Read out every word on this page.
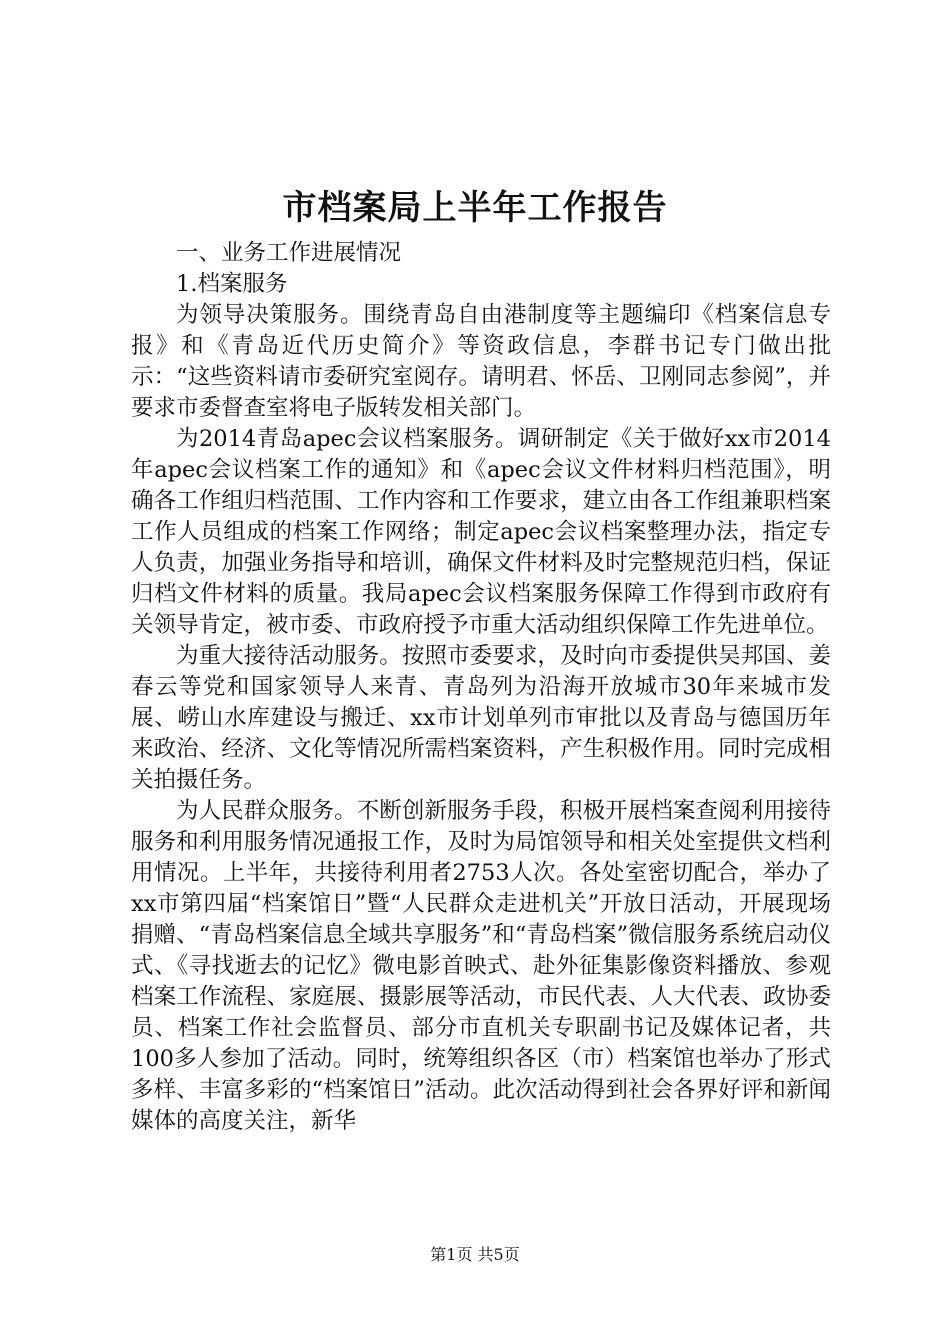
市档案局上半年工作报告

一、业务工作进展情况

1.档案服务

为领导决策服务。围绕青岛自由港制度等主题编印《档案信息专报》和《青岛近代历史简介》等资政信息，李群书记专门做出批示：“这些资料请市委研究室阅存。请明君、怀岳、卫刚同志参阅”，并要求市委督查室将电子版转发相关部门。

为2014青岛apec会议档案服务。调研制定《关于做好xx市2014年apec会议档案工作的通知》和《apec会议文件材料归档范围》，明确各工作组归档范围、工作内容和工作要求，建立由各工作组兼职档案工作人员组成的档案工作网络；制定apec会议档案整理办法，指定专人负责，加强业务指导和培训，确保文件材料及时完整规范归档，保证归档文件材料的质量。我局apec会议档案服务保障工作得到市政府有关领导肯定，被市委、市政府授予市重大活动组织保障工作先进单位。

为重大接待活动服务。按照市委要求，及时向市委提供吴邦国、姜春云等党和国家领导人来青、青岛列为沿海开放城市30年来城市发展、崂山水库建设与搬迁、xx市计划单列市审批以及青岛与德国历年来政治、经济、文化等情况所需档案资料，产生积极作用。同时完成相关拍摄任务。

为人民群众服务。不断创新服务手段，积极开展档案查阅利用接待服务和利用服务情况通报工作，及时为局馆领导和相关处室提供文档利用情况。上半年，共接待利用者2753人次。各处室密切配合，举办了xx市第四届“档案馆日”暨“人民群众走进机关”开放日活动，开展现场捐赠、“青岛档案信息全域共享服务”和“青岛档案”微信服务系统启动仪式、《寻找逝去的记忆》微电影首映式、赴外征集影像资料播放、参观档案工作流程、家庭展、摄影展等活动，市民代表、人大代表、政协委员、档案工作社会监督员、部分市直机关专职副书记及媒体记者，共100多人参加了活动。同时，统筹组织各区（市）档案馆也举办了形式多样、丰富多彩的“档案馆日”活动。此次活动得到社会各界好评和新闻媒体的高度关注，新华

第1页 共5页
